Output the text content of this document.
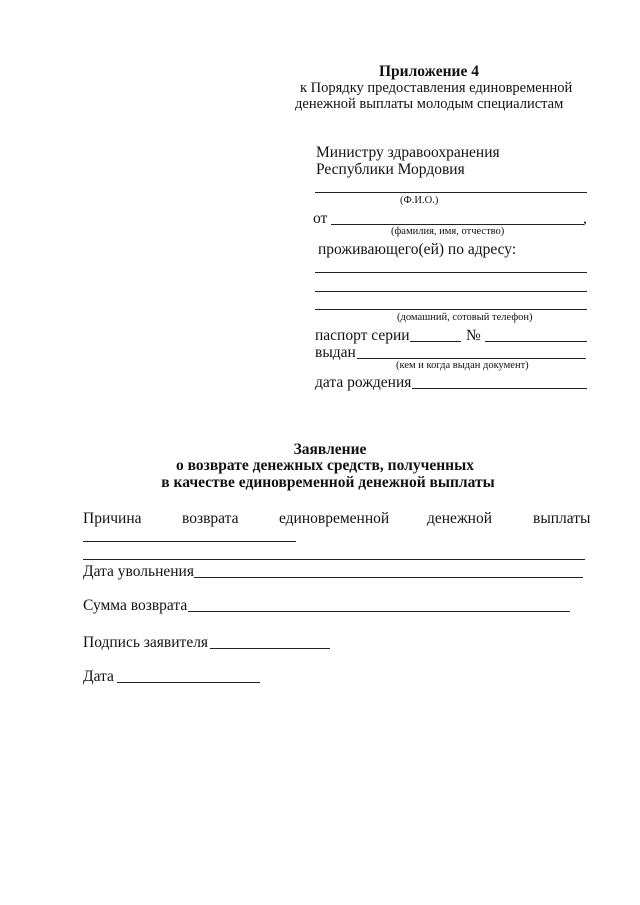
Приложение 4
к Порядку предоставления единовременной
денежной выплаты молодым специалистам
Министру здравоохранения
Республики Мордовия
(Ф.И.О.)
от	,
(фамилия, имя, отчество)
проживающего(ей) по адресу:
(домашний, сотовый телефон)
паспорт серии	№
выдан
(кем и когда выдан документ)
дата рождения
Заявление
о возврате денежных средств, полученных
в качестве единовременной денежной выплаты
Причина	возврата	единовременной денежной	выплаты
Дата увольнения
Сумма возврата
Подпись заявителя
Дата
